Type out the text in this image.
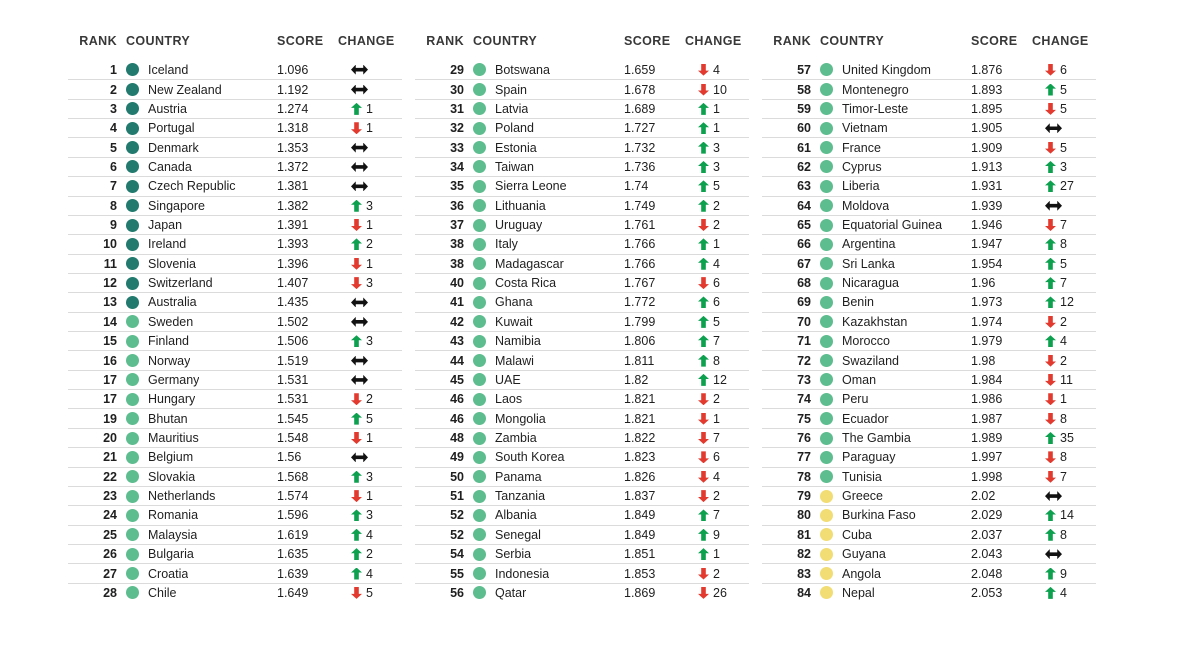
RANK COUNTRY	SCORE	CHANGE
1	Iceland	1.096
2	New Zealand	1.192
3	Austria	1.274	1
4	Portugal	1.318	1
5	Denmark	1.353
6	Canada	1.372
7	Czech Republic	1.381
8	Singapore	1.382	3
9	Japan	1.391	1
10	Ireland	1.393	2
11	Slovenia	1.396	1
12	Switzerland	1.407	3
13	Australia	1.435
14	Sweden	1.502
15	Finland	1.506	3
16	Norway	1.519
17	Germany	1.531
17	Hungary	1.531	2
19	Bhutan	1.545	5
20	Mauritius	1.548	1
21	Belgium	1.56
22	Slovakia	1.568	3
23	Netherlands	1.574	1
24	Romania	1.596	3
25	Malaysia	1.619	4
26	Bulgaria	1.635	2
27	Croatia	1.639	4
28	Chile	1.649	5
RANK COUNTRY	SCORE	CHANGE
29	Botswana	1.659	4
30	Spain	1.678	10
31	Latvia	1.689	1
32	Poland	1.727	1
33	Estonia	1.732	3
34	Taiwan	1.736	3
35	Sierra Leone	1.74	5
36	Lithuania	1.749	2
37	Uruguay	1.761	2
38	Italy	1.766	1
38	Madagascar	1.766	4
40	Costa Rica	1.767	6
41	Ghana	1.772	6
42	Kuwait	1.799	5
43	Namibia	1.806	7
44	Malawi	1.811	8
45	UAE	1.82	12
46	Laos	1.821	2
46	Mongolia	1.821	1
48	Zambia	1.822	7
49	South Korea	1.823	6
50	Panama	1.826	4
51	Tanzania	1.837	2
52	Albania	1.849	7
52	Senegal	1.849	9
54	Serbia	1.851	1
55	Indonesia	1.853	2
56	Qatar	1.869	26
RANK COUNTRY	SCORE	CHANGE
57	United Kingdom	1.876	6
58	Montenegro	1.893	5
59	Timor-Leste	1.895	5
60	Vietnam	1.905
61	France	1.909	5
62	Cyprus	1.913	3
63	Liberia	1.931	27
64	Moldova	1.939
65	Equatorial Guinea	1.946	7
66	Argentina	1.947	8
67	Sri Lanka	1.954	5
68	Nicaragua	1.96	7
69	Benin	1.973	12
70	Kazakhstan	1.974	2
71	Morocco	1.979	4
72	Swaziland	1.98	2
73	Oman	1.984	11
74	Peru	1.986	1
75	Ecuador	1.987	8
76	The Gambia	1.989	35
77	Paraguay	1.997	8
78	Tunisia	1.998	7
79	Greece	2.02
80	Burkina Faso	2.029	14
81	Cuba	2.037	8
82	Guyana	2.043
83	Angola	2.048	9
84	Nepal	2.053	4
